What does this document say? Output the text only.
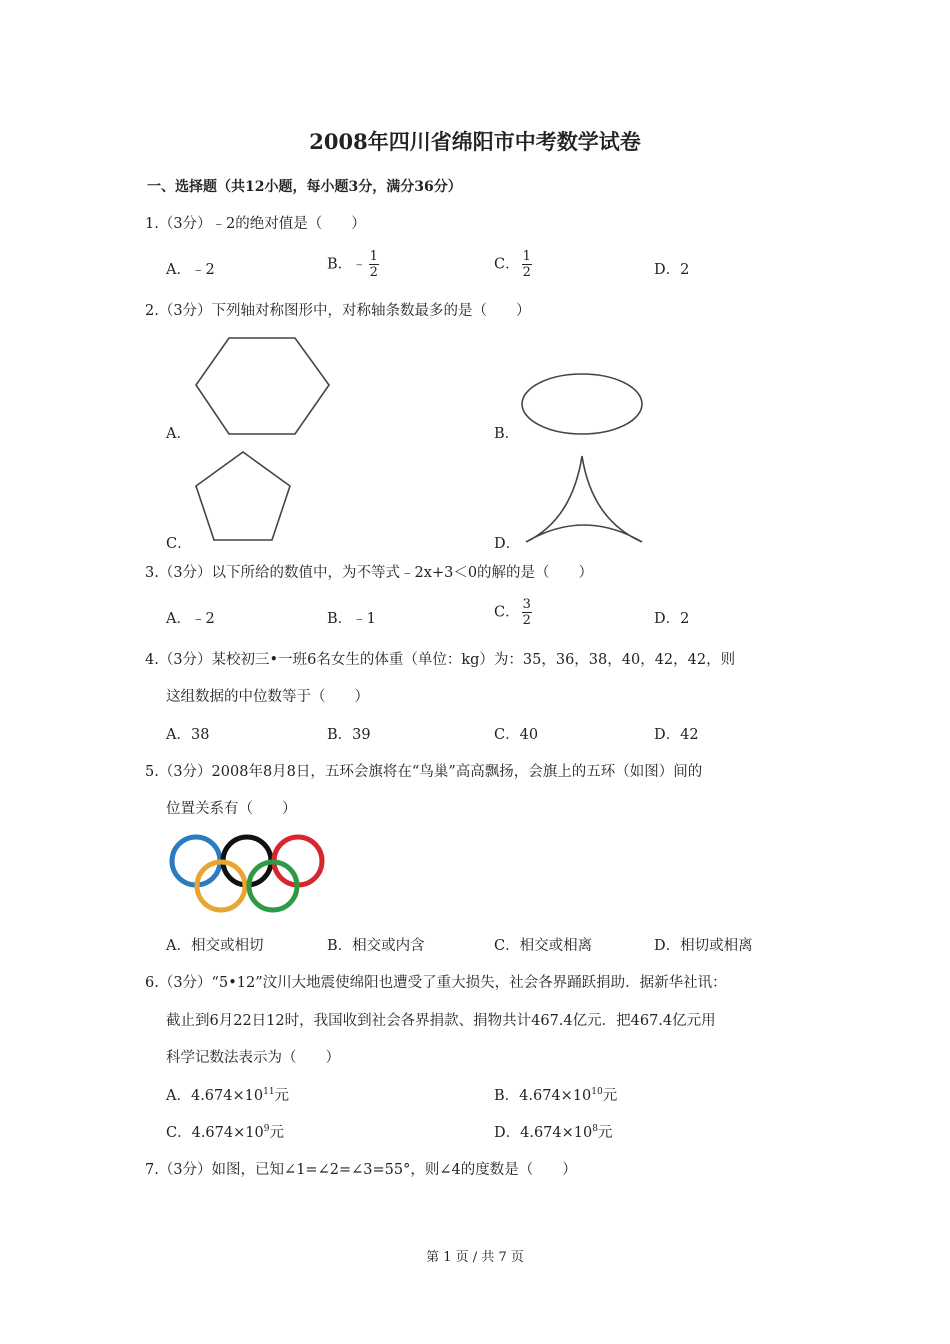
2008年四川省绵阳市中考数学试卷
一、选择题（共12小题，每小题3分，满分36分）
1.（3分）﹣2的绝对值是（　　）
A．﹣2	B．﹣ $\frac{1}{2}$	C． $\frac{1}{2}$	D．2
2.（3分）下列轴对称图形中，对称轴条数最多的是（　　）
A．	B．
C．	D．
3.（3分）以下所给的数值中，为不等式﹣2x+3＜0的解的是（　　）
A．﹣2	B．﹣1	C． $\frac{3}{2}$	D．2
4.（3分）某校初三•一班6名女生的体重（单位：kg）为：35，36，38，40，42，42，则
这组数据的中位数等于（　　）
A．38	B．39	C．40	D．42
5.（3分）2008年8月8日，五环会旗将在“鸟巢”高高飘扬，会旗上的五环（如图）间的
位置关系有（　　）
A．相交或相切	B．相交或内含	C．相交或相离	D．相切或相离
6.（3分）“5•12”汶川大地震使绵阳也遭受了重大损失，社会各界踊跃捐助．据新华社讯：
截止到6月22日12时，我国收到社会各界捐款、捐物共计467.4亿元．把467.4亿元用
科学记数法表示为（　　）
A．$4.674\times 10^{11}$元	B．$4.674\times 10^{10}$元
C．$4.674\times 10^9$元	D．$4.674\times 10^8$元
7.（3分）如图，已知∠1=∠2=∠3=55°，则∠4的度数是（　　）
第 1 页 / 共 7 页
